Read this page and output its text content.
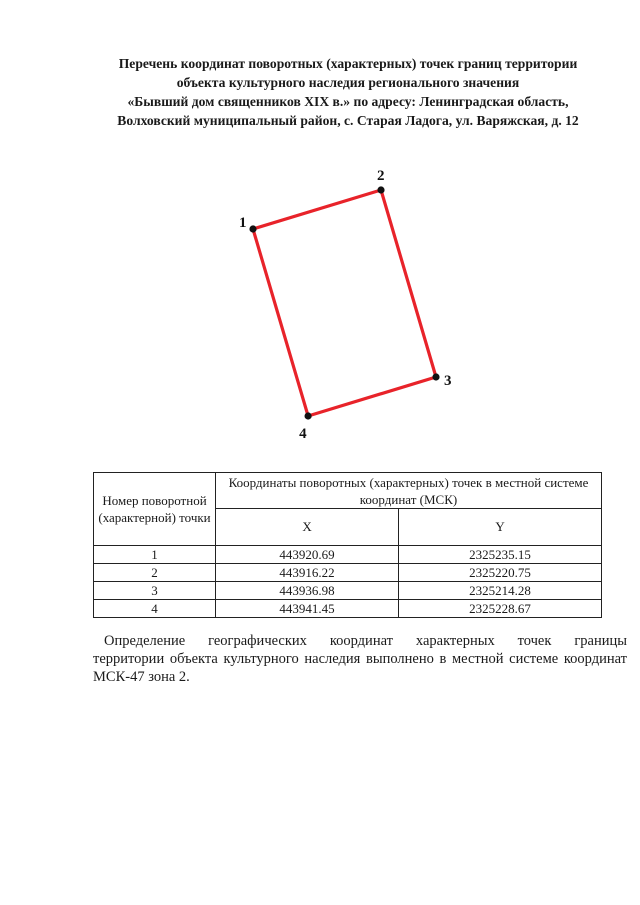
Перечень координат поворотных (характерных) точек границ территории
объекта культурного наследия регионального значения
«Бывший дом священников XIX в.» по адресу: Ленинградская область,
Волховский муниципальный район, с. Старая Ладога, ул. Варяжская, д. 12
1
2
3
4
Номер поворотной (характерной) точки	Координаты поворотных (характерных) точек в местной системе координат (МСК)	
	X	Y
1	443920.69	2325235.15
2	443916.22	2325220.75
3	443936.98	2325214.28
4	443941.45	2325228.67
Определение географических координат характерных точек границы
территории объекта культурного наследия выполнено в местной системе координат
МСК-47 зона 2.
